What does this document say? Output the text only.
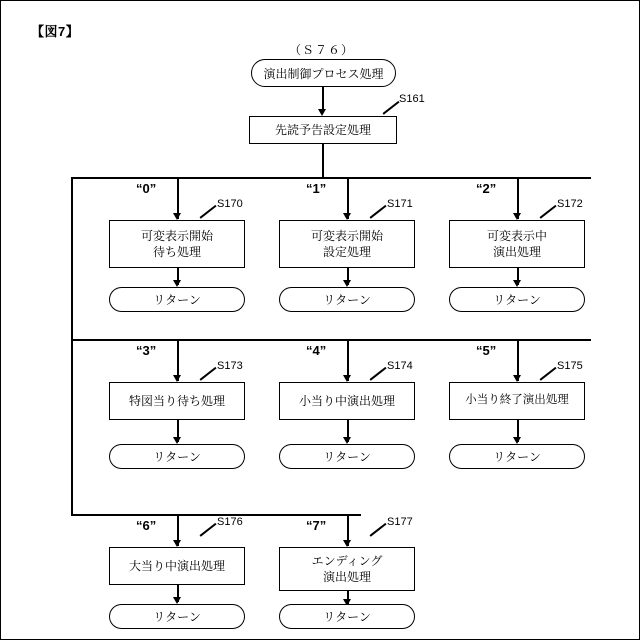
【図7】
（Ｓ７６）
演出制御プロセス処理
S161
先読予告設定処理
“0”
S170
可変表示開始
待ち処理
リターン
“1”
S171
可変表示開始
設定処理
リターン
“2”
S172
可変表示中
演出処理
リターン
“3”
S173
特図当り待ち処理
リターン
“4”
S174
小当り中演出処理
リターン
“5”
S175
小当り終了演出処理
リターン
“6”	S176
大当り中演出処理
リターン
“7”	S177
エンディング
演出処理
リターン
